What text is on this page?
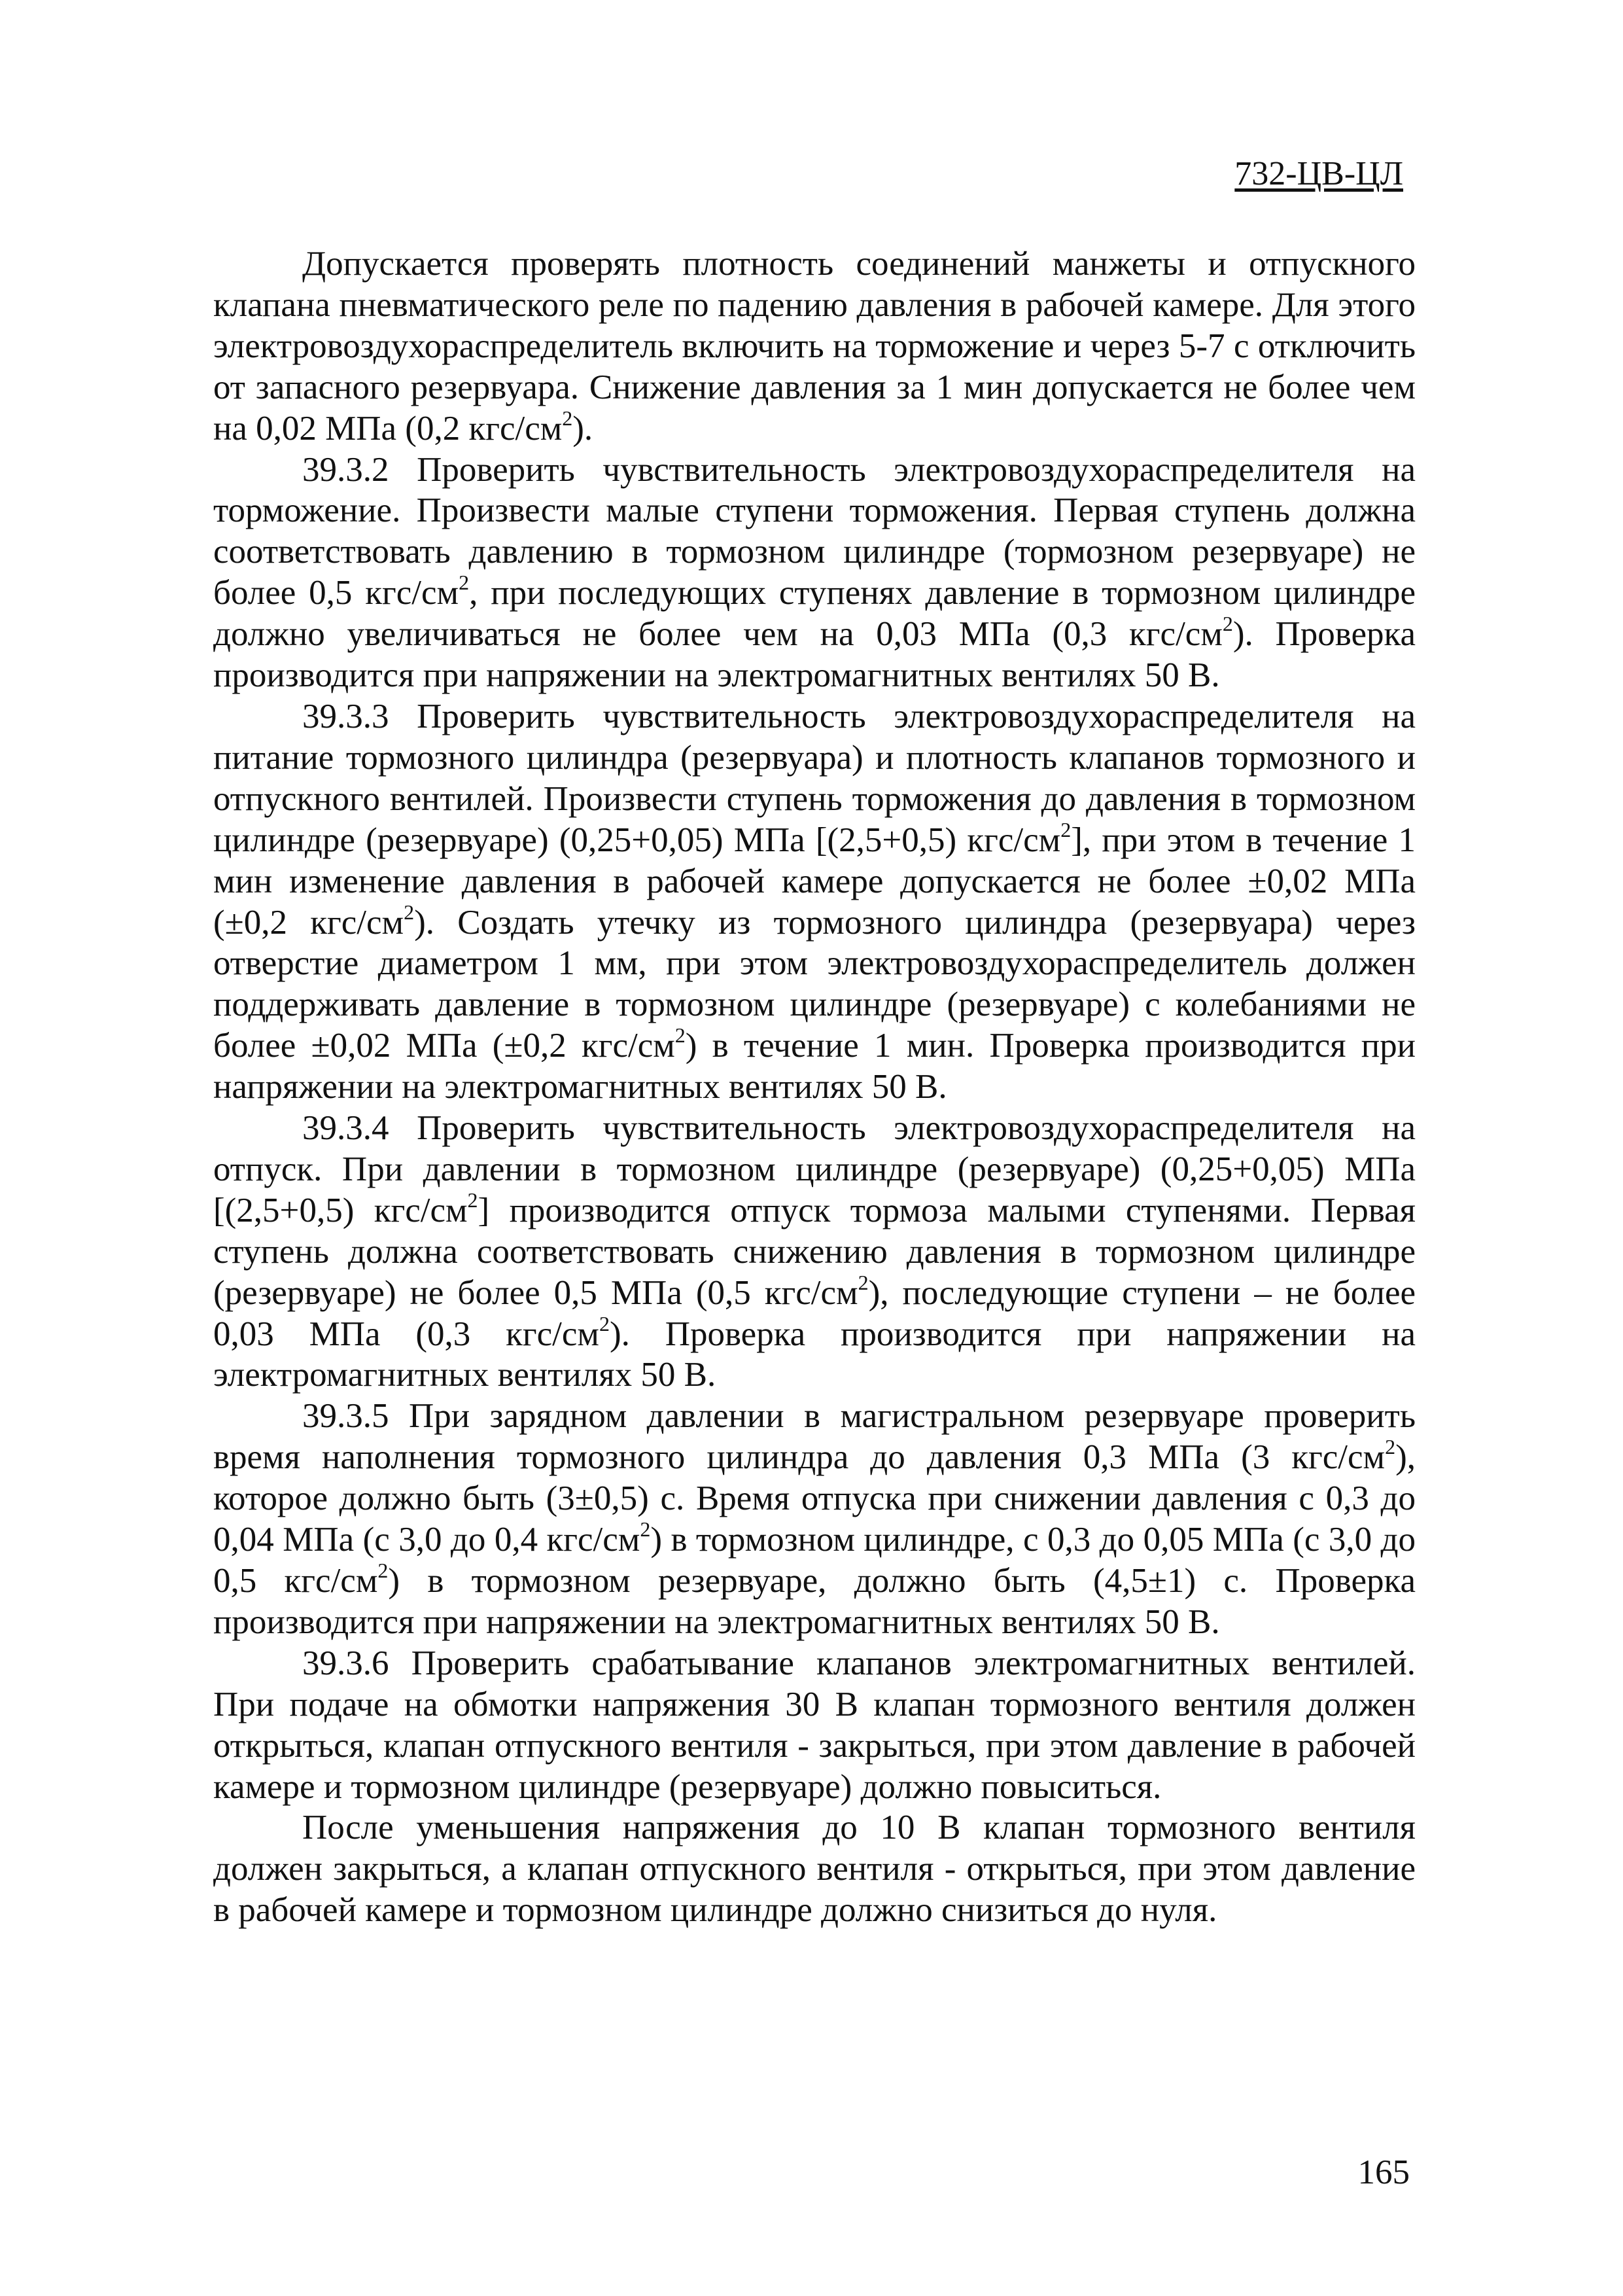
732-ЦВ-ЦЛ

Допускается проверять плотность соединений манжеты и отпускного клапана пневматического реле по падению давления в рабочей камере. Для этого электровоздухораспределитель включить на торможение и через 5-7 с отключить от запасного резервуара. Снижение давления за 1 мин допускается не более чем на 0,02 МПа (0,2 кгс/$см^2$).

39.3.2 Проверить чувствительность электровоздухораспределителя на торможение. Произвести малые ступени торможения. Первая ступень должна соответствовать давлению в тормозном цилиндре (тормозном резервуаре) не более 0,5 кгс/$см^2$, при последующих ступенях давление в тормозном цилиндре должно увеличиваться не более чем на 0,03 МПа (0,3 кгс/$см^2$). Проверка производится при напряжении на электромагнитных вентилях 50 В.

39.3.3 Проверить чувствительность электровоздухораспределителя на питание тормозного цилиндра (резервуара) и плотность клапанов тормозного и отпускного вентилей. Произвести ступень торможения до давления в тормозном цилиндре (резервуаре) (0,25+0,05) МПа [(2,5+0,5) кгс/$см^2$], при этом в течение 1 мин изменение давления в рабочей камере допускается не более ±0,02 МПа (±0,2 кгс/$см^2$). Создать утечку из тормозного цилиндра (резервуара) через отверстие диаметром 1 мм, при этом электровоздухораспределитель должен поддерживать давление в тормозном цилиндре (резервуаре) с колебаниями не более ±0,02 МПа (±0,2 кгс/$см^2$) в течение 1 мин. Проверка производится при напряжении на электромагнитных вентилях 50 В.

39.3.4 Проверить чувствительность электровоздухораспределителя на отпуск. При давлении в тормозном цилиндре (резервуаре) (0,25+0,05) МПа [(2,5+0,5) кгс/$см^2$] производится отпуск тормоза малыми ступенями. Первая ступень должна соответствовать снижению давления в тормозном цилиндре (резервуаре) не более 0,5 МПа (0,5 кгс/$см^2$), последующие ступени – не более 0,03 МПа (0,3 кгс/$см^2$). Проверка производится при напряжении на электромагнитных вентилях 50 В.

39.3.5 При зарядном давлении в магистральном резервуаре проверить время наполнения тормозного цилиндра до давления 0,3 МПа (3 кгс/$см^2$), которое должно быть (3±0,5) с. Время отпуска при снижении давления с 0,3 до 0,04 МПа (с 3,0 до 0,4 кгс/$см^2$) в тормозном цилиндре, с 0,3 до 0,05 МПа (с 3,0 до 0,5 кгс/$см^2$) в тормозном резервуаре, должно быть (4,5±1) с. Проверка производится при напряжении на электромагнитных вентилях 50 В.

39.3.6 Проверить срабатывание клапанов электромагнитных вентилей. При подаче на обмотки напряжения 30 В клапан тормозного вентиля должен открыться, клапан отпускного вентиля - закрыться, при этом давление в рабочей камере и тормозном цилиндре (резервуаре) должно повыситься.

После уменьшения напряжения до 10 В клапан тормозного вентиля должен закрыться, а клапан отпускного вентиля - открыться, при этом давление в рабочей камере и тормозном цилиндре должно снизиться до нуля.

165
